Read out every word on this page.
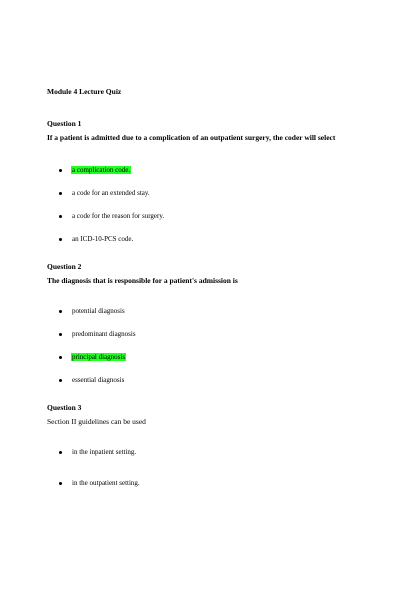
Module 4 Lecture Quiz
Question 1
If a patient is admitted due to a complication of an outpatient surgery, the coder will select
a complication code.
a code for an extended stay.
a code for the reason for surgery.
an ICD-10-PCS code.
Question 2
The diagnosis that is responsible for a patient's admission is
potential diagnosis
predominant diagnosis
principal diagnosis
essential diagnosis
Question 3
Section II guidelines can be used
in the inpatient setting.
in the outpatient setting.
